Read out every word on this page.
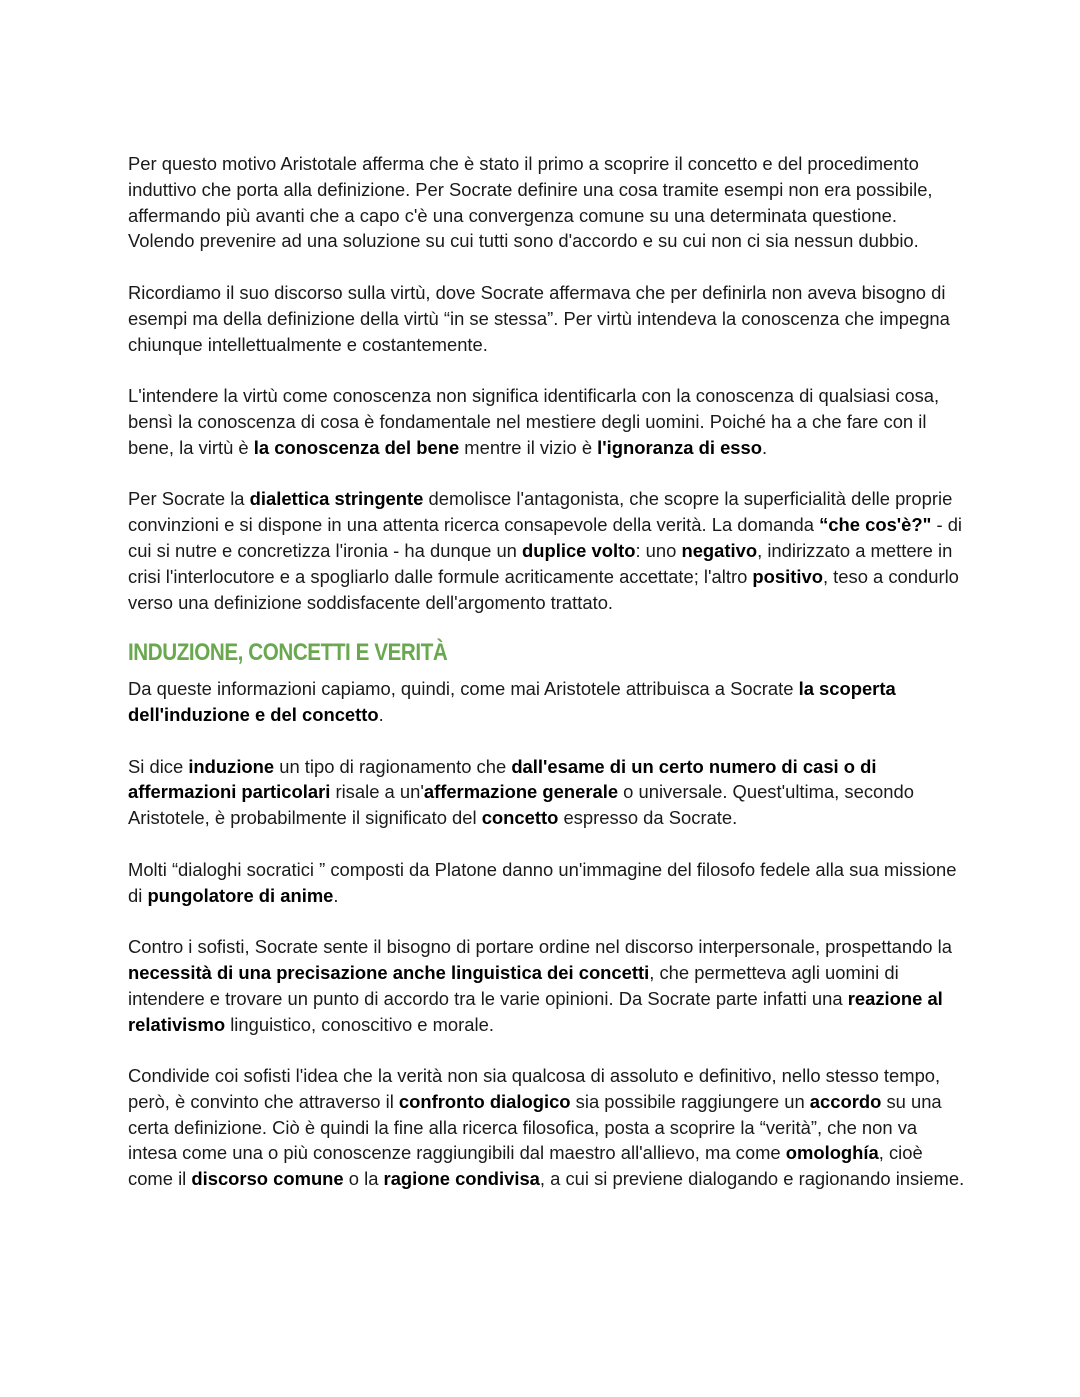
Per questo motivo Aristotale afferma che è stato il primo a scoprire il concetto e del procedimento induttivo che porta alla definizione. Per Socrate definire una cosa tramite esempi non era possibile, affermando più avanti che a capo c'è una convergenza comune su una determinata questione. Volendo prevenire ad una soluzione su cui tutti sono d'accordo e su cui non ci sia nessun dubbio.

Ricordiamo il suo discorso sulla virtù, dove Socrate affermava che per definirla non aveva bisogno di esempi ma della definizione della virtù “in se stessa”. Per virtù intendeva la conoscenza che impegna chiunque intellettualmente e costantemente.

L'intendere la virtù come conoscenza non significa identificarla con la conoscenza di qualsiasi cosa, bensì la conoscenza di cosa è fondamentale nel mestiere degli uomini. Poiché ha a che fare con il bene, la virtù è la conoscenza del bene mentre il vizio è l'ignoranza di esso.

Per Socrate la dialettica stringente demolisce l'antagonista, che scopre la superficialità delle proprie convinzioni e si dispone in una attenta ricerca consapevole della verità. La domanda “che cos'è?" - di cui si nutre e concretizza l'ironia - ha dunque un duplice volto: uno negativo, indirizzato a mettere in crisi l'interlocutore e a spogliarlo dalle formule acriticamente accettate; l'altro positivo, teso a condurlo verso una definizione soddisfacente dell'argomento trattato.

INDUZIONE, CONCETTI E VERITÀ

Da queste informazioni capiamo, quindi, come mai Aristotele attribuisca a Socrate la scoperta dell'induzione e del concetto.

Si dice induzione un tipo di ragionamento che dall'esame di un certo numero di casi o di affermazioni particolari risale a un'affermazione generale o universale. Quest'ultima, secondo Aristotele, è probabilmente il significato del concetto espresso da Socrate.

Molti “dialoghi socratici ” composti da Platone danno un'immagine del filosofo fedele alla sua missione di pungolatore di anime.

Contro i sofisti, Socrate sente il bisogno di portare ordine nel discorso interpersonale, prospettando la necessità di una precisazione anche linguistica dei concetti, che permetteva agli uomini di intendere e trovare un punto di accordo tra le varie opinioni. Da Socrate parte infatti una reazione al relativismo linguistico, conoscitivo e morale.

Condivide coi sofisti l'idea che la verità non sia qualcosa di assoluto e definitivo, nello stesso tempo, però, è convinto che attraverso il confronto dialogico sia possibile raggiungere un accordo su una certa definizione. Ciò è quindi la fine alla ricerca filosofica, posta a scoprire la “verità”, che non va intesa come una o più conoscenze raggiungibili dal maestro all'allievo, ma come omologhía, cioè come il discorso comune o la ragione condivisa, a cui si previene dialogando e ragionando insieme.
